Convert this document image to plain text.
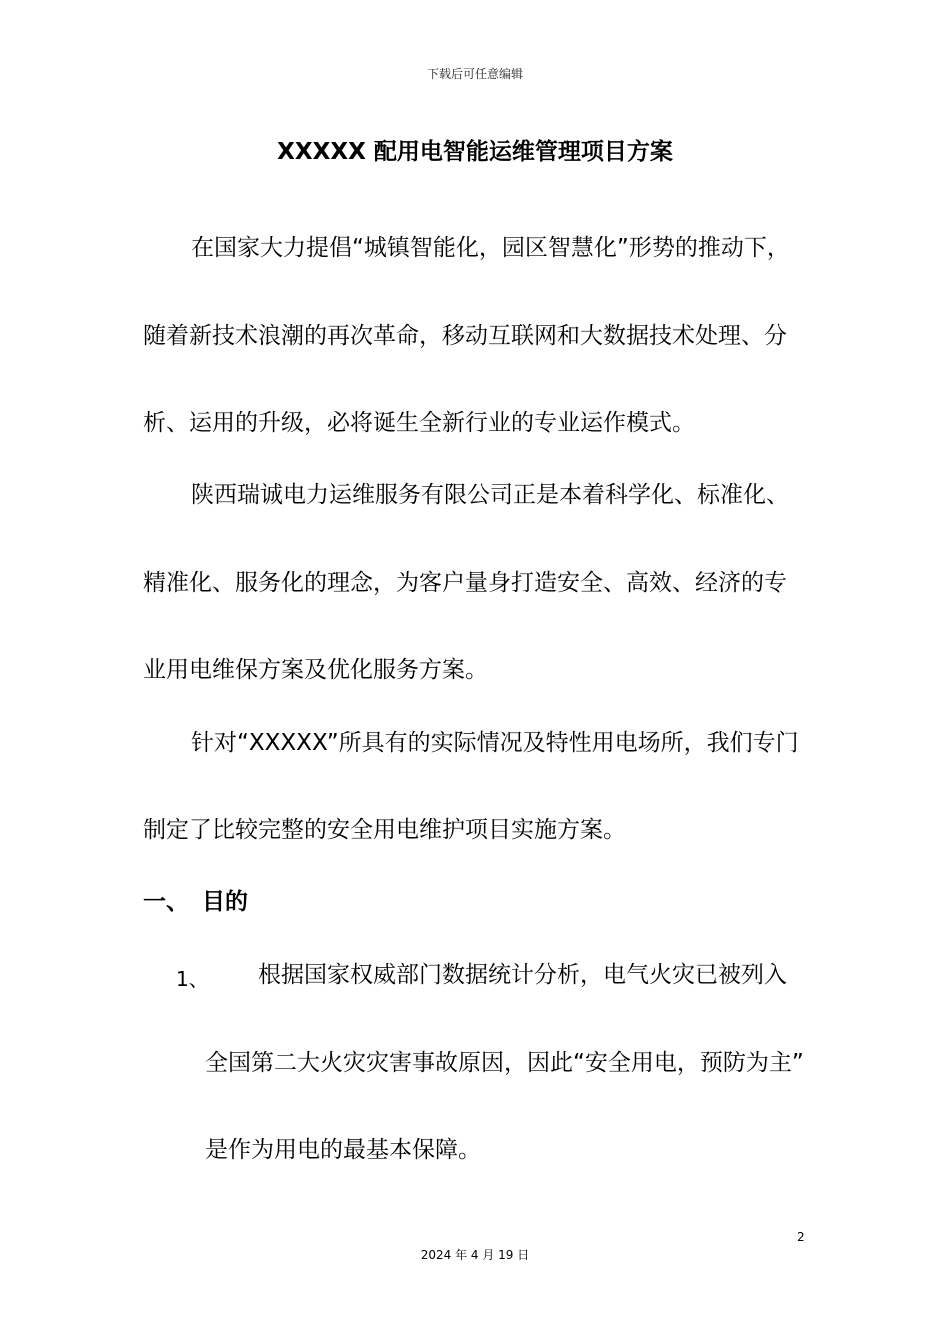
下载后可任意编辑
XXXXX 配用电智能运维管理项目方案
在国家大力提倡“城镇智能化，园区智慧化”形势的推动下，
随着新技术浪潮的再次革命，移动互联网和大数据技术处理、分
析、运用的升级，必将诞生全新行业的专业运作模式。
陕西瑞诚电力运维服务有限公司正是本着科学化、标准化、
精准化、服务化的理念，为客户量身打造安全、高效、经济的专
业用电维保方案及优化服务方案。
针对“XXXXX”所具有的实际情况及特性用电场所，我们专门
制定了比较完整的安全用电维护项目实施方案。
一、 目的
1、 根据国家权威部门数据统计分析，电气火灾已被列入
全国第二大火灾灾害事故原因，因此“安全用电，预防为主”
是作为用电的最基本保障。
2
2024 年 4 月 19 日
